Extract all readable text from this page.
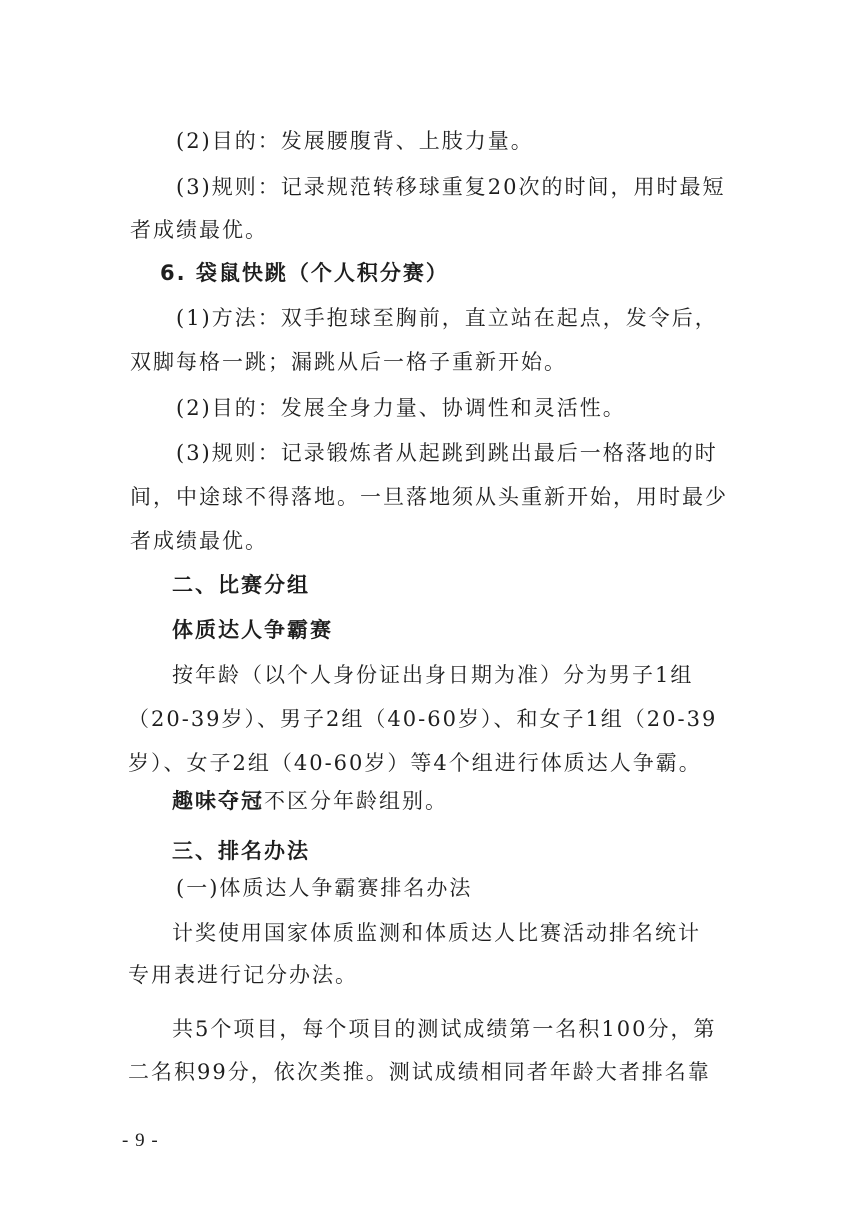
(2)目的：发展腰腹背、上肢力量。
(3)规则：记录规范转移球重复20次的时间，用时最短
者成绩最优。
6. 袋鼠快跳（个人积分赛）
(1)方法：双手抱球至胸前，直立站在起点，发令后，
双脚每格一跳；漏跳从后一格子重新开始。
(2)目的：发展全身力量、协调性和灵活性。
(3)规则：记录锻炼者从起跳到跳出最后一格落地的时
间，中途球不得落地。一旦落地须从头重新开始，用时最少
者成绩最优。
二、比赛分组
体质达人争霸赛
按年龄（以个人身份证出身日期为准）分为男子1组
（20-39岁）、男子2组（40-60岁）、和女子1组（20-39
岁）、女子2组（40-60岁）等4个组进行体质达人争霸。
趣味夺冠不区分年龄组别。
三、排名办法
(一)体质达人争霸赛排名办法
计奖使用国家体质监测和体质达人比赛活动排名统计
专用表进行记分办法。
共5个项目，每个项目的测试成绩第一名积100分，第
二名积99分，依次类推。测试成绩相同者年龄大者排名靠
- 9 -
